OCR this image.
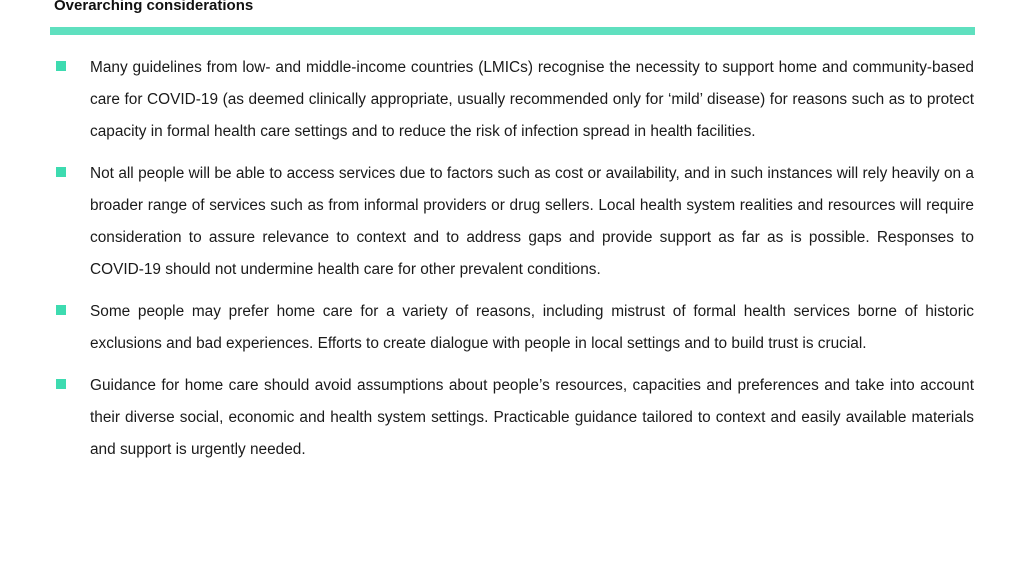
Overarching considerations
Many guidelines from low- and middle-income countries (LMICs) recognise the necessity to support home and community-based care for COVID-19 (as deemed clinically appropriate, usually recommended only for ‘mild’ disease) for reasons such as to protect capacity in formal health care settings and to reduce the risk of infection spread in health facilities.
Not all people will be able to access services due to factors such as cost or availability, and in such instances will rely heavily on a broader range of services such as from informal providers or drug sellers. Local health system realities and resources will require consideration to assure relevance to context and to address gaps and provide support as far as is possible. Responses to COVID-19 should not undermine health care for other prevalent conditions.
Some people may prefer home care for a variety of reasons, including mistrust of formal health services borne of historic exclusions and bad experiences. Efforts to create dialogue with people in local settings and to build trust is crucial.
Guidance for home care should avoid assumptions about people’s resources, capacities and preferences and take into account their diverse social, economic and health system settings. Practicable guidance tailored to context and easily available materials and support is urgently needed.
